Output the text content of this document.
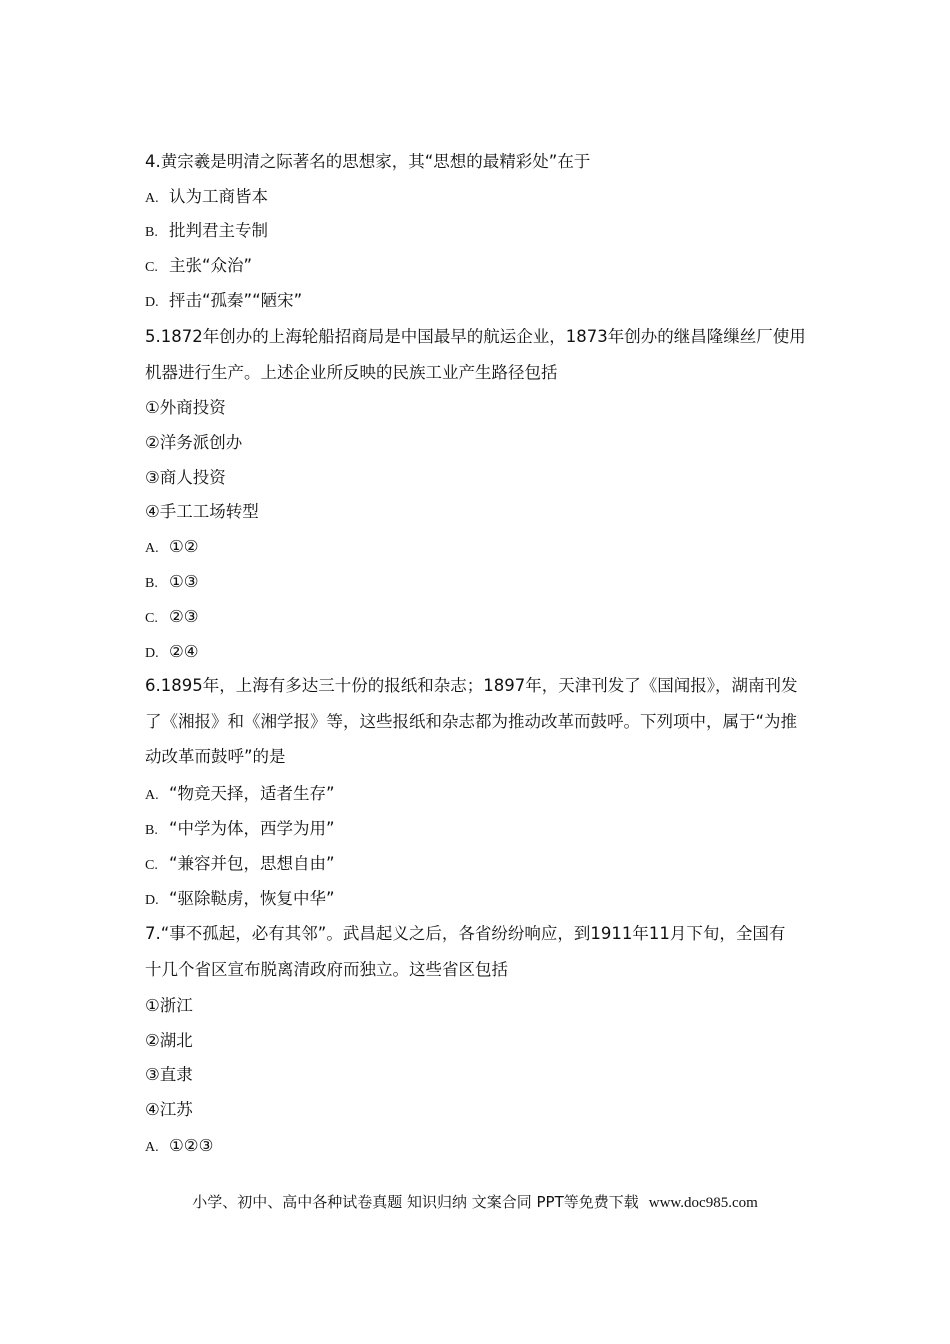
4.黄宗羲是明清之际著名的思想家，其“思想的最精彩处”在于
A. 认为工商皆本
B. 批判君主专制
C. 主张“众治”
D. 抨击“孤秦”“陋宋”
5.1872年创办的上海轮船招商局是中国最早的航运企业，1873年创办的继昌隆缫丝厂使用
机器进行生产。上述企业所反映的民族工业产生路径包括
①外商投资
②洋务派创办
③商人投资
④手工工场转型
A. ①②
B. ①③
C. ②③
D. ②④
6.1895年，上海有多达三十份的报纸和杂志；1897年，天津刊发了《国闻报》，湖南刊发
了《湘报》和《湘学报》等，这些报纸和杂志都为推动改革而鼓呼。下列项中，属于“为推
动改革而鼓呼”的是
A. “物竞天择，适者生存”
B. “中学为体，西学为用”
C. “兼容并包，思想自由”
D. “驱除鞑虏，恢复中华”
7.“事不孤起，必有其邻”。武昌起义之后，各省纷纷响应，到1911年11月下旬，全国有
十几个省区宣布脱离清政府而独立。这些省区包括
①浙江
②湖北
③直隶
④江苏
A. ①②③
小学、初中、高中各种试卷真题 知识归纳 文案合同 PPT等免费下载 www.doc985.com
